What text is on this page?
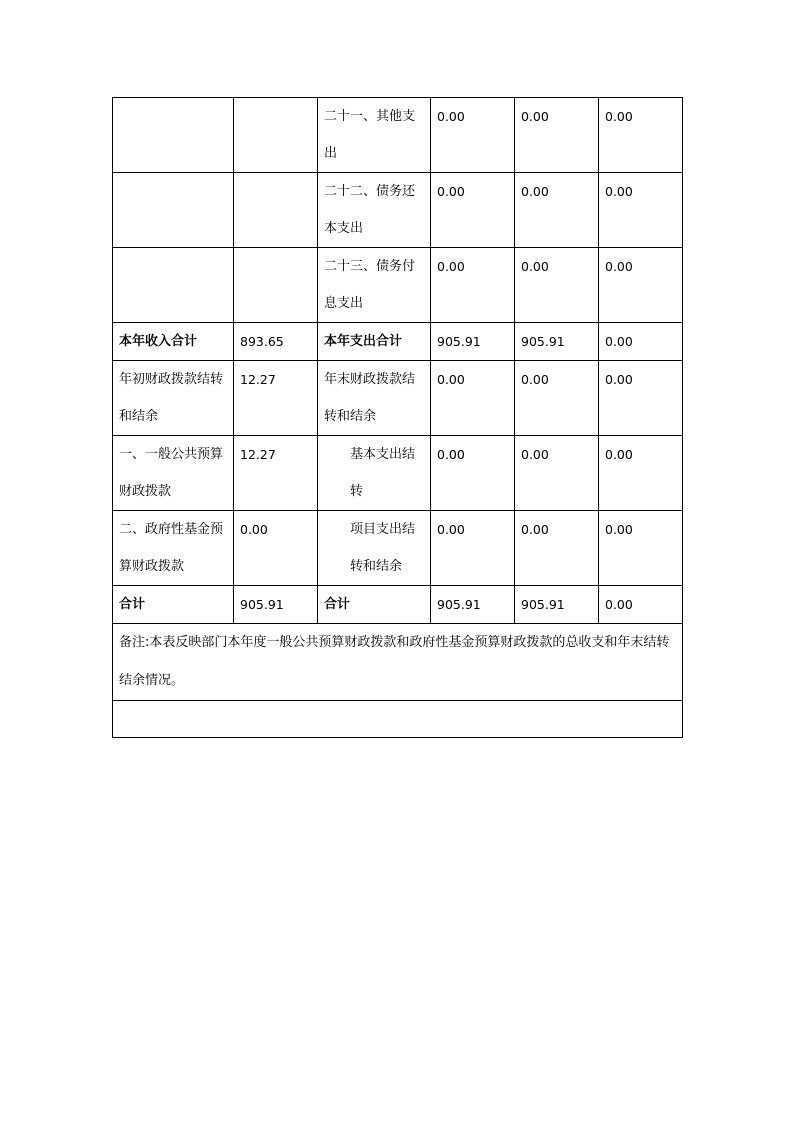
		二十一、其他支出	0.00	0.00	0.00
		二十二、债务还本支出	0.00	0.00	0.00
		二十三、债务付息支出	0.00	0.00	0.00
本年收入合计	893.65	本年支出合计	905.91	905.91	0.00
年初财政拨款结转和结余	12.27	年末财政拨款结转和结余	0.00	0.00	0.00
一、一般公共预算财政拨款	12.27	基本支出结转	0.00	0.00	0.00
二、政府性基金预算财政拨款	0.00	项目支出结转和结余	0.00	0.00	0.00
合计	905.91	合计	905.91	905.91	0.00
备注:本表反映部门本年度一般公共预算财政拨款和政府性基金预算财政拨款的总收支和年末结转结余情况。					
